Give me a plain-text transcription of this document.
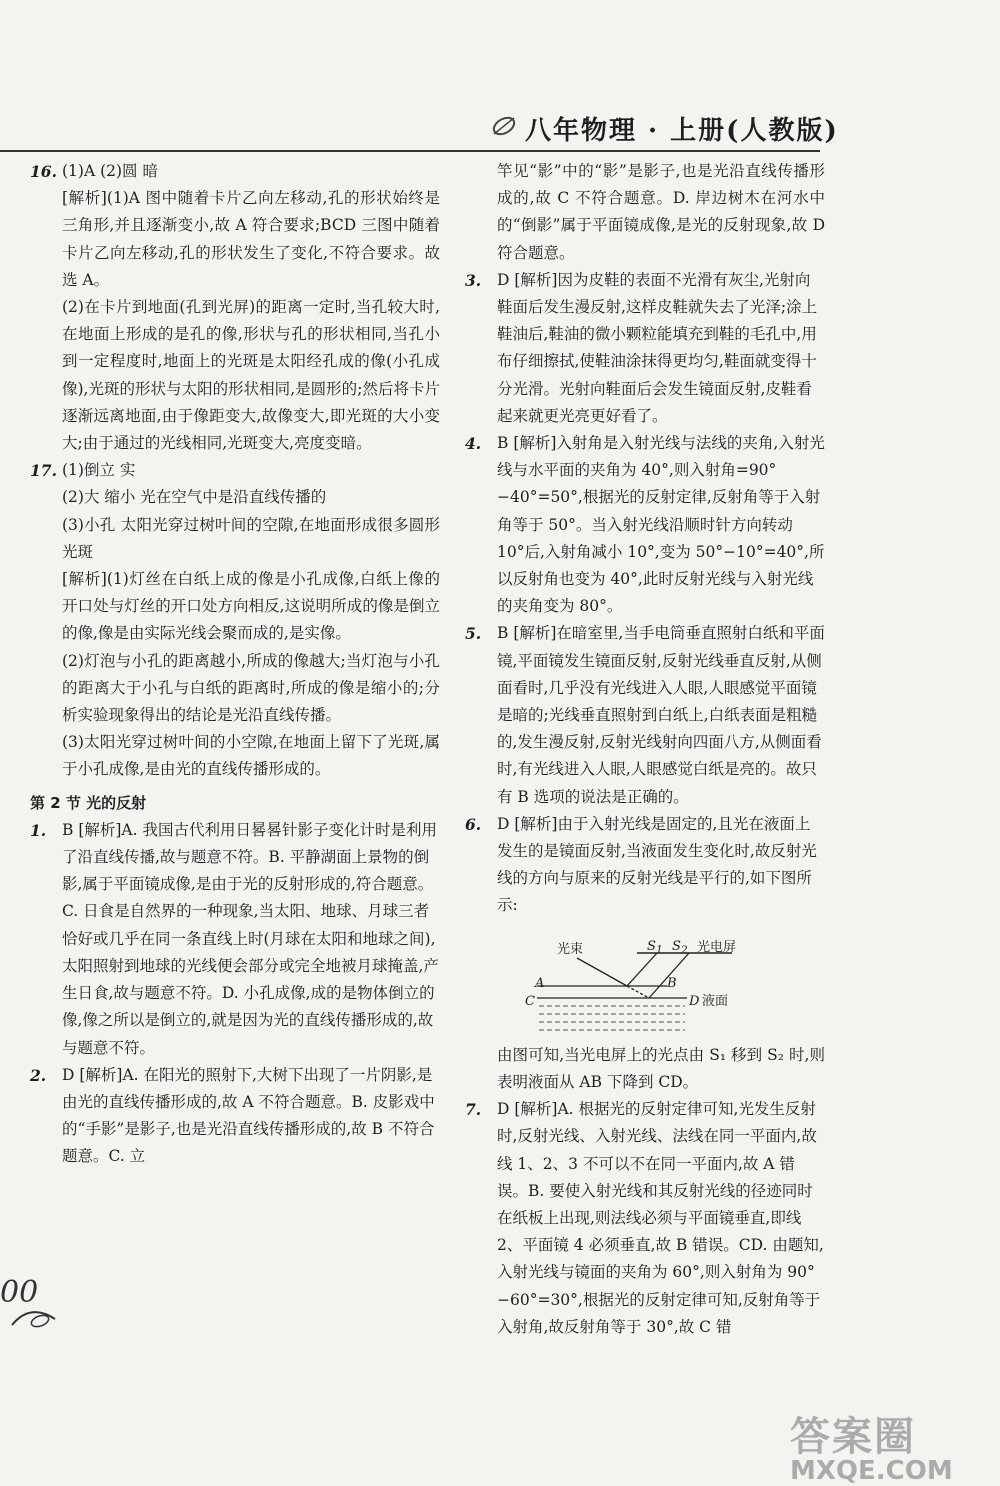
八年物理 · 上册(人教版)
16. (1)A (2)圆 暗

[解析](1)A 图中随着卡片乙向左移动,孔的形状始终是三角形,并且逐渐变小,故 A 符合要求;BCD 三图中随着卡片乙向左移动,孔的形状发生了变化,不符合要求。故选 A。

(2)在卡片到地面(孔到光屏)的距离一定时,当孔较大时,在地面上形成的是孔的像,形状与孔的形状相同,当孔小到一定程度时,地面上的光斑是太阳经孔成的像(小孔成像),光斑的形状与太阳的形状相同,是圆形的;然后将卡片逐渐远离地面,由于像距变大,故像变大,即光斑的大小变大;由于通过的光线相同,光斑变大,亮度变暗。

17. (1)倒立 实

(2)大 缩小 光在空气中是沿直线传播的

(3)小孔 太阳光穿过树叶间的空隙,在地面形成很多圆形光斑

[解析](1)灯丝在白纸上成的像是小孔成像,白纸上像的开口处与灯丝的开口处方向相反,这说明所成的像是倒立的像,像是由实际光线会聚而成的,是实像。

(2)灯泡与小孔的距离越小,所成的像越大;当灯泡与小孔的距离大于小孔与白纸的距离时,所成的像是缩小的;分析实验现象得出的结论是光沿直线传播。

(3)太阳光穿过树叶间的小空隙,在地面上留下了光斑,属于小孔成像,是由光的直线传播形成的。

第 2 节 光的反射
1. B [解析]A. 我国古代利用日晷晷针影子变化计时是利用了沿直线传播,故与题意不符。B. 平静湖面上景物的倒影,属于平面镜成像,是由于光的反射形成的,符合题意。C. 日食是自然界的一种现象,当太阳、地球、月球三者恰好或几乎在同一条直线上时(月球在太阳和地球之间),太阳照射到地球的光线便会部分或完全地被月球掩盖,产生日食,故与题意不符。D. 小孔成像,成的是物体倒立的像,像之所以是倒立的,就是因为光的直线传播形成的,故与题意不符。
2. D [解析]A. 在阳光的照射下,大树下出现了一片阴影,是由光的直线传播形成的,故 A 不符合题意。B. 皮影戏中的“手影”是影子,也是光沿直线传播形成的,故 B 不符合题意。C. 立

竿见“影”中的“影”是影子,也是光沿直线传播形成的,故 C 不符合题意。D. 岸边树木在河水中的“倒影”属于平面镜成像,是光的反射现象,故 D 符合题意。

3. D [解析]因为皮鞋的表面不光滑有灰尘,光射向鞋面后发生漫反射,这样皮鞋就失去了光泽;涂上鞋油后,鞋油的微小颗粒能填充到鞋的毛孔中,用布仔细擦拭,使鞋油涂抹得更均匀,鞋面就变得十分光滑。光射向鞋面后会发生镜面反射,皮鞋看起来就更光亮更好看了。
4. B [解析]入射角是入射光线与法线的夹角,入射光线与水平面的夹角为 40°,则入射角=90°−40°=50°,根据光的反射定律,反射角等于入射角等于 50°。当入射光线沿顺时针方向转动 10°后,入射角减小 10°,变为 50°−10°=40°,所以反射角也变为 40°,此时反射光线与入射光线的夹角变为 80°。
5. B [解析]在暗室里,当手电筒垂直照射白纸和平面镜,平面镜发生镜面反射,反射光线垂直反射,从侧面看时,几乎没有光线进入人眼,人眼感觉平面镜是暗的;光线垂直照射到白纸上,白纸表面是粗糙的,发生漫反射,反射光线射向四面八方,从侧面看时,有光线进入人眼,人眼感觉白纸是亮的。故只有 B 选项的说法是正确的。
6. D [解析]由于入射光线是固定的,且光在液面上发生的是镜面反射,当液面发生变化时,故反射光线的方向与原来的反射光线是平行的,如下图所示:
光束	$S_1$ $S_2$ 光电屏
A
C
B
D 液面

由图可知,当光电屏上的光点由 S₁ 移到 S₂ 时,则表明液面从 AB 下降到 CD。

7. D [解析]A. 根据光的反射定律可知,光发生反射时,反射光线、入射光线、法线在同一平面内,故线 1、2、3 不可以不在同一平面内,故 A 错误。B. 要使入射光线和其反射光线的径迹同时在纸板上出现,则法线必须与平面镜垂直,即线 2、平面镜 4 必须垂直,故 B 错误。CD. 由题知,入射光线与镜面的夹角为 60°,则入射角为 90°−60°=30°,根据光的反射定律可知,反射角等于入射角,故反射角等于 30°,故 C 错
00
答案圈
MXQE.COM
